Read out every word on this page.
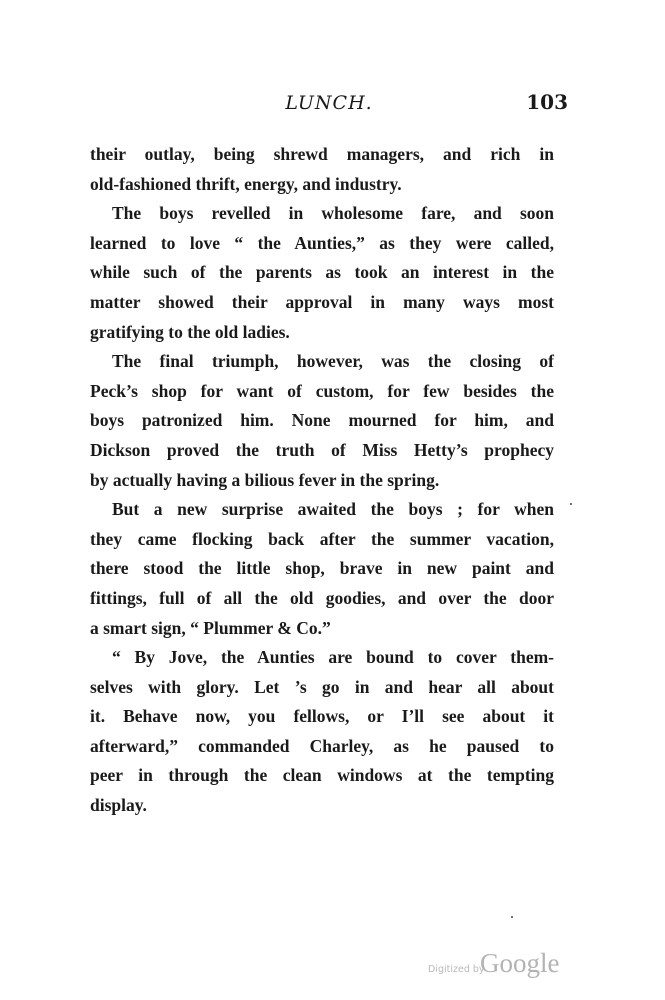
LUNCH.	103
their outlay, being shrewd managers, and rich in
old-fashioned thrift, energy, and industry.
The boys revelled in wholesome fare, and soon
learned to love “ the Aunties,” as they were called,
while such of the parents as took an interest in the
matter showed their approval in many ways most
gratifying to the old ladies.
The final triumph, however, was the closing of
Peck’s shop for want of custom, for few besides the
boys patronized him. None mourned for him, and
Dickson proved the truth of Miss Hetty’s prophecy
by actually having a bilious fever in the spring.
But a new surprise awaited the boys ; for when
they came flocking back after the summer vacation,
there stood the little shop, brave in new paint and
fittings, full of all the old goodies, and over the door
a smart sign, “ Plummer & Co.”
“ By Jove, the Aunties are bound to cover them-
selves with glory. Let ’s go in and hear all about
it. Behave now, you fellows, or I’ll see about it
afterward,” commanded Charley, as he paused to
peer in through the clean windows at the tempting
display.
Digitized by
Google
